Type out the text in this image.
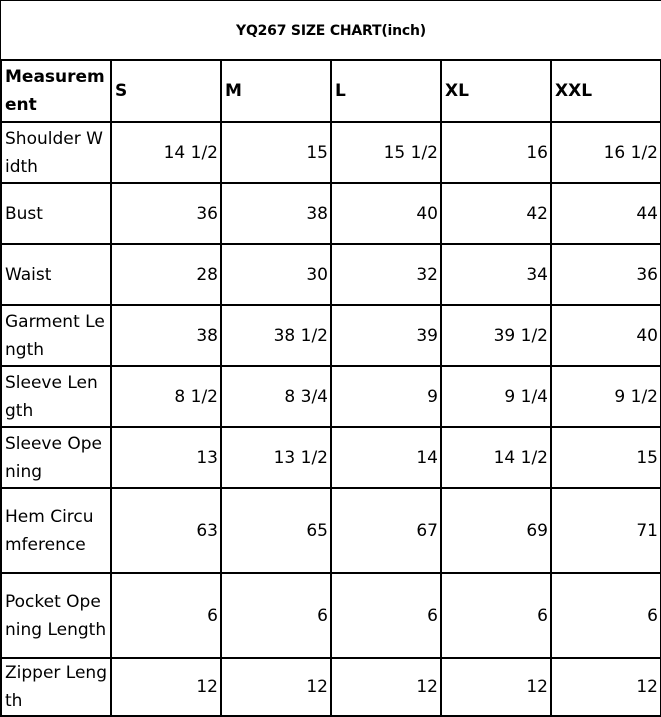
YQ267 SIZE CHART(inch)
Measurement	S	M	L	XL	XXL
Shoulder Width	14 1/2	15	15 1/2	16	16 1/2
Bust	36	38	40	42	44
Waist	28	30	32	34	36
Garment Length	38	38 1/2	39	39 1/2	40
Sleeve Length	8 1/2	8 3/4	9	9 1/4	9 1/2
Sleeve Opening	13	13 1/2	14	14 1/2	15
Hem Circumference	63	65	67	69	71
Pocket Opening Length	6	6	6	6	6
Zipper Length	12	12	12	12	12
